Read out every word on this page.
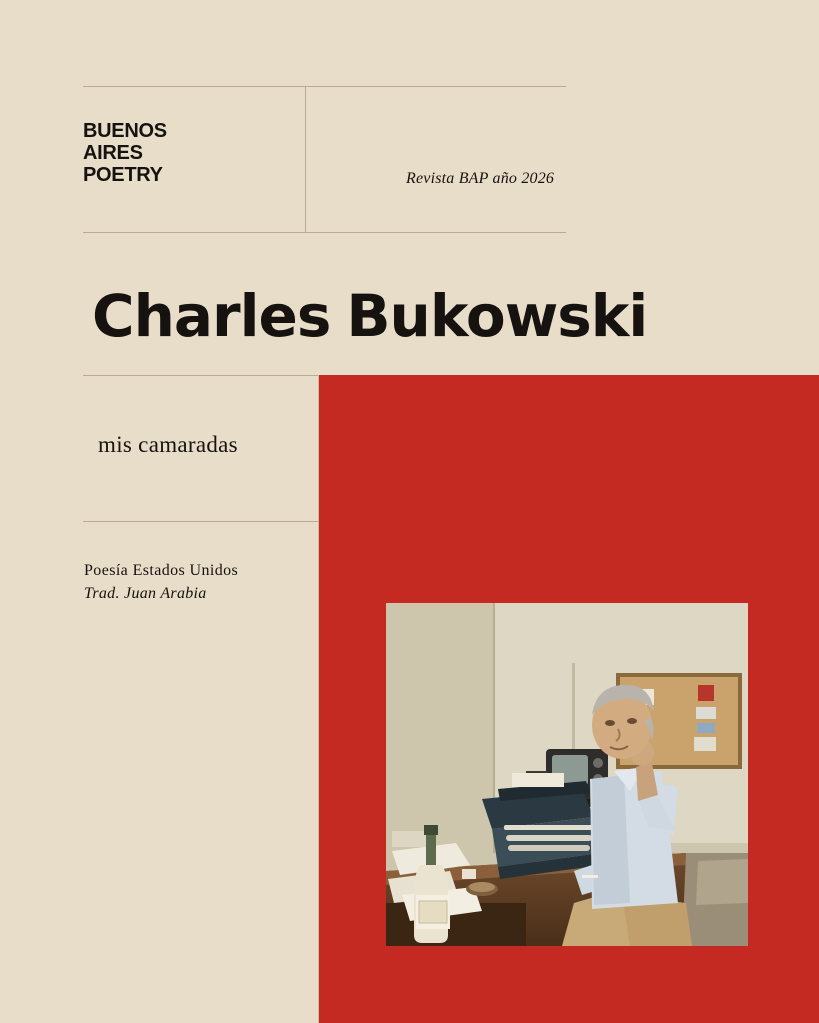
BUENOS
AIRES
POETRY	Revista BAP año 2026
Charles Bukowski
mis camaradas
Poesía Estados Unidos
Trad. Juan Arabia
